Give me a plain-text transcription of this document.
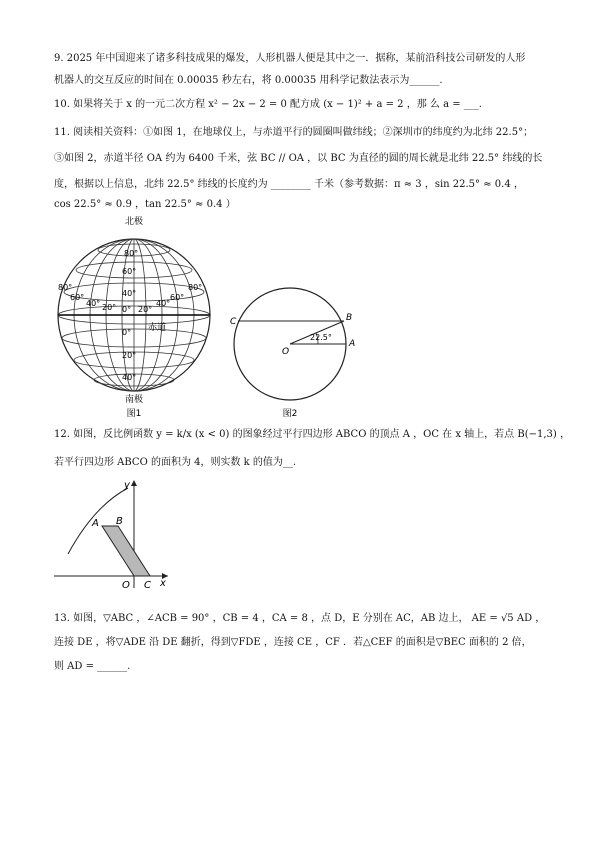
9. 2025 年中国迎来了诸多科技成果的爆发，人形机器人便是其中之一．据称，某前沿科技公司研发的人形
机器人的交互反应的时间在 0.00035 秒左右，将 0.00035 用科学记数法表示为______.
10. 如果将关于 x 的一元二次方程 x² − 2x − 2 = 0 配方成 (x − 1)² + a = 2 ，那 么 a = ___.
11. 阅读相关资料：①如图 1，在地球仪上，与赤道平行的圆圈叫做纬线；②深圳市的纬度约为北纬 22.5°；
③如图 2，赤道半径 OA 约为 6400 千米，弦 BC // OA ，以 BC 为直径的圆的周长就是北纬 22.5° 纬线的长
度，根据以上信息，北纬 22.5° 纬线的长度约为 ________ 千米（参考数据：π ≈ 3 ，sin 22.5° ≈ 0.4 ，
cos 22.5° ≈ 0.9 ，tan 22.5° ≈ 0.4 ）
北极
80°
60°
40°
0°
20°
40°
80°
60°
40° 20° 0° 20°
40°
60°
80°
赤道
南极
图1
C	B
A
O
22.5°
图2
12. 如图，反比例函数 y = k/x (x < 0) 的图象经过平行四边形 ABCO 的顶点 A ，OC 在 x 轴上，若点 B(−1,3) ，
若平行四边形 ABCO 的面积为 4，则实数 k 的值为__.
A B
O C x
y
13. 如图，▽ABC ，∠ACB = 90° ，CB = 4 ，CA = 8 ，点 D，E 分别在 AC，AB 边上， AE = √5 AD ，
连接 DE ，将▽ADE 沿 DE 翻折，得到▽FDE ，连接 CE ，CF ．若△CEF 的面积是▽BEC 面积的 2 倍，
则 AD = ______.
